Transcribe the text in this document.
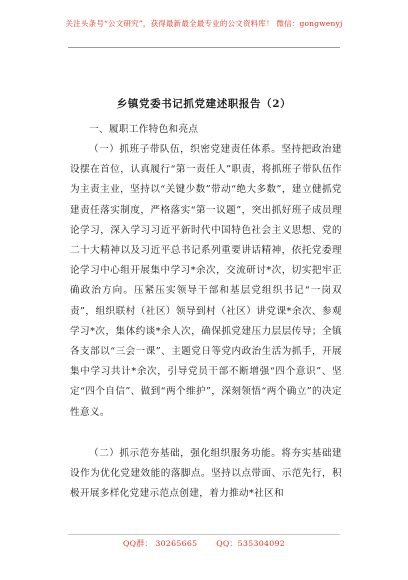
关注头条号“公文研究”，获得最新最全最专业的公文资料库！ 微信：gongwenyj
乡镇党委书记抓党建述职报告（2）

一、履职工作特色和亮点

（一）抓班子带队伍，织密党建责任体系。坚持把政治建设摆在首位，认真履行“第一责任人”职责，将抓班子带队伍作为主责主业，坚持以“关键少数”带动“绝大多数”，建立健抓党建责任落实制度，严格落实“第一议题”，突出抓好班子成员理论学习，深入学习习近平新时代中国特色社会主义思想、党的二十大精神以及习近平总书记系列重要讲话精神，依托党委理论学习中心组开展集中学习*余次，交流研讨*次，切实把牢正确政治方向。压紧压实领导干部和基层党组织书记“一岗双责”，组织联村（社区）领导到村（社区）讲党课*余次、参观学习*次，集体约谈*余人次，确保抓党建压力层层传导；全镇各支部以“三会一课”、主题党日等党内政治生活为抓手，开展集中学习共计*余次，引导党员干部不断增强“四个意识”、坚定“四个自信”、做到“两个维护”，深刻领悟“两个确立”的决定性意义。

（二）抓示范夯基础，强化组织服务功能。将夯实基础建设作为优化党建效能的落脚点。坚持以点带面、示范先行，积极开展多样化党建示范点创建，着力推动*社区和

QQ群： 30265665 QQ：535304092
